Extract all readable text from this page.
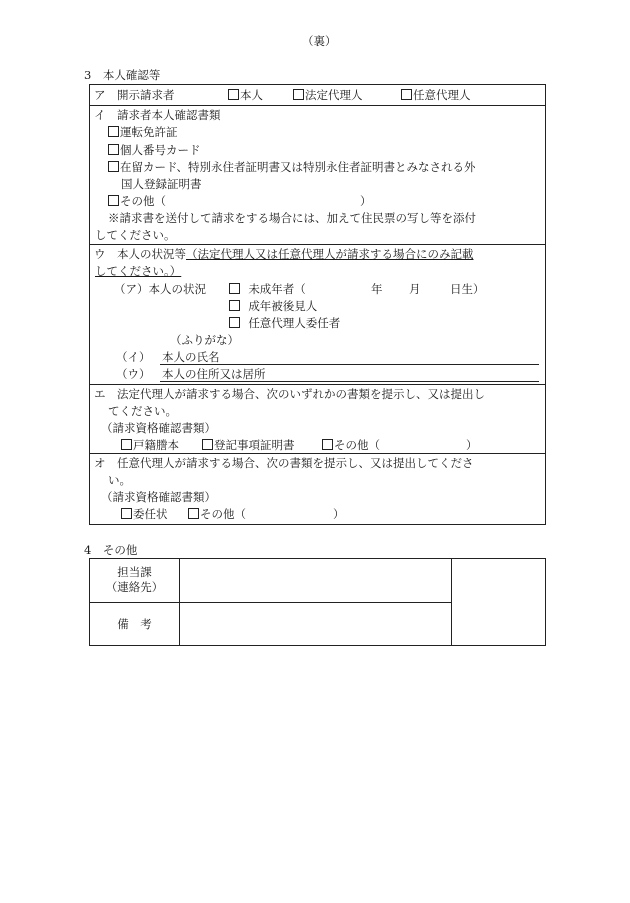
（裏）
3　本人確認等
ア　開示請求者	本人	法定代理人	任意代理人
イ　請求者本人確認書類
運転免許証
個人番号カード
在留カード、特別永住者証明書又は特別永住者証明書とみなされる外
国人登録証明書
その他（	）
※請求書を送付して請求をする場合には、加えて住民票の写し等を添付
してください。
ウ　本人の状況等（法定代理人又は任意代理人が請求する場合にのみ記載
してください。）
（ア）本人の状況	未成年者（	年 月	日生）
成年被後見人
任意代理人委任者
（ふりがな）
（イ） 本人の氏名
（ウ） 本人の住所又は居所
エ　法定代理人が請求する場合、次のいずれかの書類を提示し、又は提出し
てください。
（請求資格確認書類）
戸籍謄本	登記事項証明書	その他（	）
オ　任意代理人が請求する場合、次の書類を提示し、又は提出してくださ
い。
（請求資格確認書類）
委任状	その他（	）
4　その他
担当課
（連絡先）
備　考
